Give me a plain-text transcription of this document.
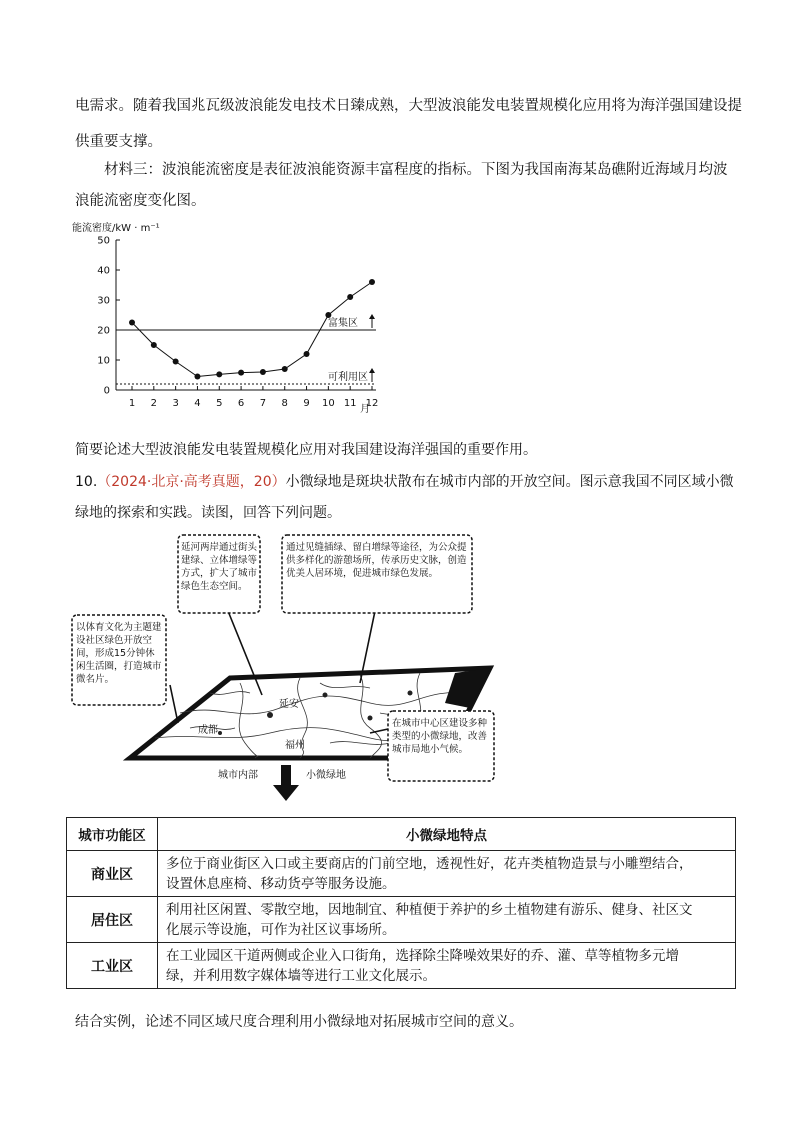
电需求。随着我国兆瓦级波浪能发电技术日臻成熟，大型波浪能发电装置规模化应用将为海洋强国建设提
供重要支撑。
材料三：波浪能流密度是表征波浪能资源丰富程度的指标。下图为我国南海某岛礁附近海域月均波
浪能流密度变化图。
能流密度/kW · m⁻¹
0
10
20
30
40
50
1 2 3 4 5 6 7 8 9 10 11 12
富集区
可利用区
月
简要论述大型波浪能发电装置规模化应用对我国建设海洋强国的重要作用。
10.（2024·北京·高考真题，20）小微绿地是斑块状散布在城市内部的开放空间。图示意我国不同区域小微
绿地的探索和实践。读图，回答下列问题。
北京
延安
成都
福州
延河两岸通过街头建绿、立体增绿等方式，扩大了城市绿色生态空间。
通过见缝插绿、留白增绿等途径，为公众提供多样化的游憩场所，传承历史文脉，创造优美人居环境，促进城市绿色发展。
以体育文化为主题建设社区绿色开放空间，形成15分钟休闲生活圈，打造城市微名片。
在城市中心区建设多种类型的小微绿地，改善城市局地小气候。
城市内部	小微绿地
城市功能区	小微绿地特点
商业区	多位于商业街区入口或主要商店的门前空地，透视性好，花卉类植物造景与小雕塑结合，
设置休息座椅、移动货亭等服务设施。
居住区	利用社区闲置、零散空地，因地制宜、种植便于养护的乡土植物建有游乐、健身、社区文
化展示等设施，可作为社区议事场所。
工业区	在工业园区干道两侧或企业入口街角，选择除尘降噪效果好的乔、灌、草等植物多元增
绿，并利用数字媒体墙等进行工业文化展示。
结合实例，论述不同区域尺度合理利用小微绿地对拓展城市空间的意义。
